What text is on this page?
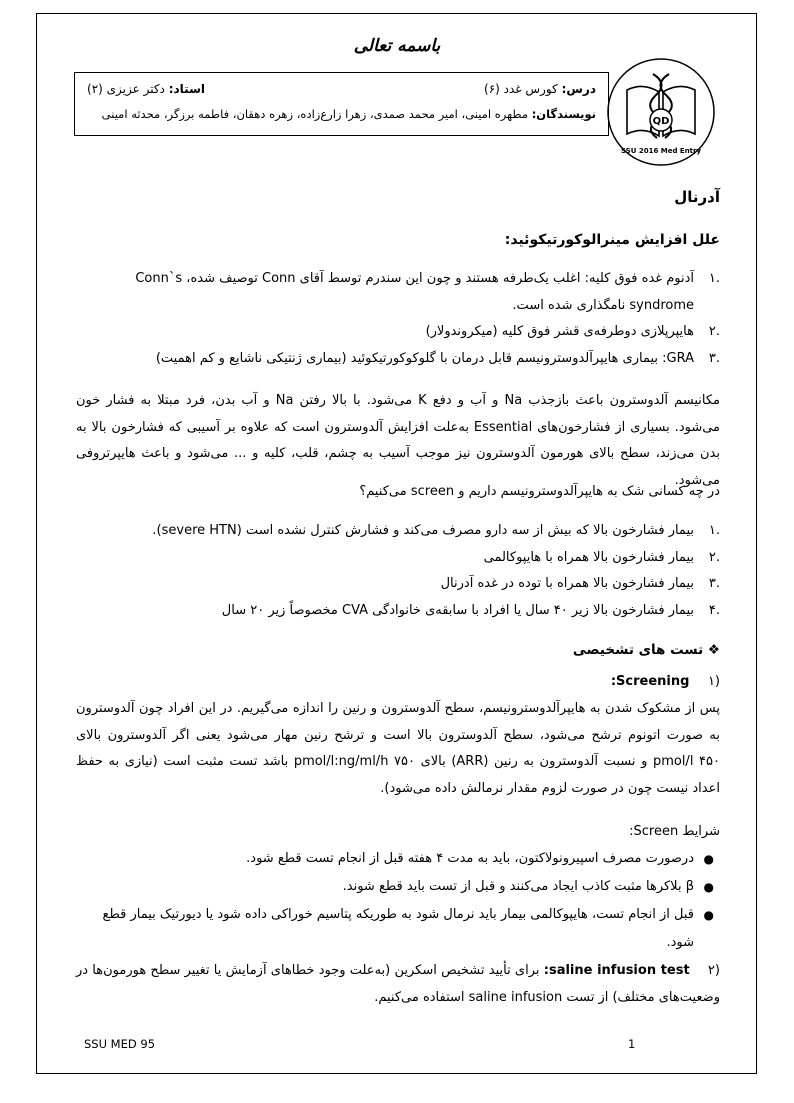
باسمه تعالی
QD
SSU 2016 Med Entry
درس: کورس غدد (۶)
استاد: دکتر عزیزی (۲)
نویسندگان: مطهره امینی، امیر محمد صمدی، زهرا زارع‌زاده، زهره دهقان، فاطمه برزگر، محدثه امینی
آدرنال
علل افزایش مینرالوکورتیکوئید:
.۱
آدنوم غده فوق کلیه: اغلب یک‌طرفه هستند و چون این سندرم توسط آقای Conn توصیف شده، Conn`s syndrome نامگذاری شده است.
.۲
هایپرپلازی دوطرفه‌ی قشر فوق کلیه (میکروندولار)
.۳
GRA: بیماری هایپرآلدوسترونیسم قابل درمان با گلوکوکورتیکوئید (بیماری ژنتیکی ناشایع و کم اهمیت)
مکانیسم آلدوسترون باعث بازجذب Na و آب و دفع K می‌شود. با بالا رفتن Na و آب بدن، فرد مبتلا به فشار خون می‌شود. بسیاری از فشارخون‌های Essential به‌علت افزایش آلدوسترون است که علاوه بر آسیبی که فشارخون بالا به بدن می‌زند، سطح بالای هورمون آلدوسترون نیز موجب آسیب به چشم، قلب، کلیه و ... می‌شود و باعث هایپرتروفی می‌شود.
در چه کسانی شک به هایپرآلدوسترونیسم داریم و screen می‌کنیم؟
.۱
بیمار فشارخون بالا که بیش از سه دارو مصرف می‌کند و فشارش کنترل نشده است (severe HTN).
.۲
بیمار فشارخون بالا همراه با هایپوکالمی
.۳
بیمار فشارخون بالا همراه با توده در غده آدرنال
.۴
بیمار فشارخون بالا زیر ۴۰ سال یا افراد با سابقه‌ی خانوادگی CVA مخصوصاً زیر ۲۰ سال
❖ تست های تشخیصی
(۱ Screening:
پس از مشکوک شدن به هایپرآلدوسترونیسم، سطح آلدوسترون و رنین را اندازه می‌گیریم. در این افراد چون آلدوسترون به صورت اتونوم ترشح می‌شود، سطح آلدوسترون بالا است و ترشح رنین مهار می‌شود یعنی اگر آلدوسترون بالای pmol/l ۴۵۰ و نسبت آلدوسترون به رنین (ARR) بالای ۷۵۰ pmol/l:ng/ml/h باشد تست مثبت است (نیازی به حفظ اعداد نیست چون در صورت لزوم مقدار نرمالش داده می‌شود).
شرایط Screen:
●
درصورت مصرف اسپیرونولاکتون، باید به مدت ۴ هفته قبل از انجام تست قطع شود.
●
β بلاکرها مثبت کاذب ایجاد می‌کنند و قبل از تست باید قطع شوند.
●
قبل از انجام تست، هایپوکالمی بیمار باید نرمال شود به طوریکه پتاسیم خوراکی داده شود یا دیورتیک بیمار قطع شود.
(۲ saline infusion test: برای تأیید تشخیص اسکرین (به‌علت وجود خطاهای آزمایش یا تغییر سطح هورمون‌ها در وضعیت‌های مختلف) از تست saline infusion استفاده می‌کنیم.
SSU MED 95	1
